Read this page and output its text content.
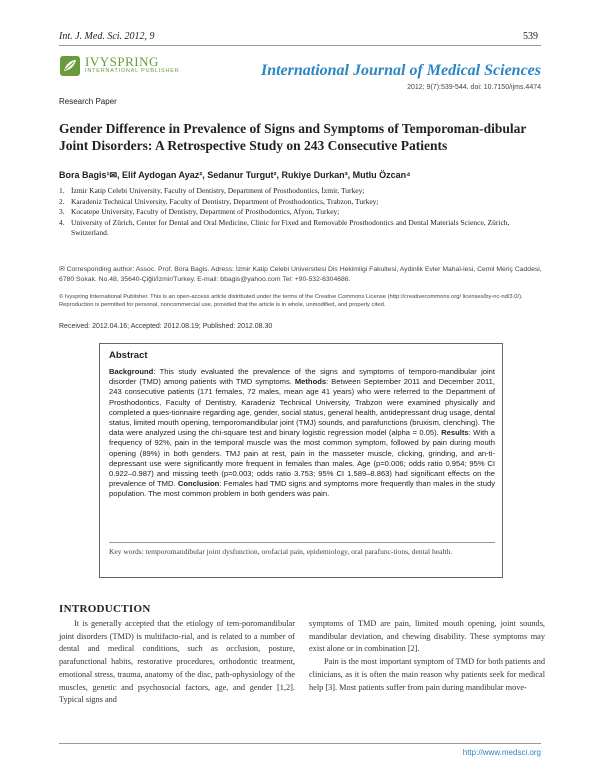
Int. J. Med. Sci. 2012, 9	539
IVYSPRING
INTERNATIONAL PUBLISHER	International Journal of Medical Sciences
2012; 9(7):539-544. doi: 10.7150/ijms.4474
Research Paper
Gender Difference in Prevalence of Signs and Symptoms of Temporoman-dibular Joint Disorders: A Retrospective Study on 243 Consecutive Patients
Bora Bagis¹✉, Elif Aydogan Ayaz², Sedanur Turgut², Rukiye Durkan³, Mutlu Özcan⁴
1. İzmir Katip Celebi University, Faculty of Dentistry, Department of Prosthodontics, İzmir, Turkey;
2. Karadeniz Technical University, Faculty of Dentistry, Department of Prosthodontics, Trabzon, Turkey;
3. Kocatepe University, Faculty of Dentistry, Department of Prosthodontics, Afyon, Turkey;
4. University of Zürich, Center for Dental and Oral Medicine, Clinic for Fixed and Removable Prosthodontics and Dental Materials Science, Zürich, Switzerland.
✉ Corresponding author: Assoc. Prof. Bora Bagis. Adress: İzmir Katip Celebi Universitesi Dis Hekimligi Fakultesi, Aydinlik Evler Mahal-lesi, Cemil Meriç Caddesi, 6780 Sokak. No.48, 35640-Çiğli/İzmir/Turkey. E-mail: bbagis@yahoo.com Tel: +90-532-6304686.
© Ivyspring International Publisher. This is an open-access article distributed under the terms of the Creative Commons License (http://creativecommons.org/ licenses/by-nc-nd/3.0/). Reproduction is permitted for personal, noncommercial use, provided that the article is in whole, unmodified, and properly cited.
Received: 2012.04.16; Accepted: 2012.08.19; Published: 2012.08.30
Abstract
Background: This study evaluated the prevalence of the signs and symptoms of temporo-mandibular joint disorder (TMD) among patients with TMD symptoms. Methods: Between September 2011 and December 2011, 243 consecutive patients (171 females, 72 males, mean age 41 years) who were referred to the Department of Prosthodontics, Faculty of Dentistry, Karadeniz Technical University, Trabzon were examined physically and completed a ques-tionnaire regarding age, gender, social status, general health, antidepressant drug usage, dental status, limited mouth opening, temporomandibular joint (TMJ) sounds, and parafunctions (bruxism, clenching). The data were analyzed using the chi-square test and binary logistic regression model (alpha = 0.05). Results: With a frequency of 92%, pain in the temporal muscle was the most common symptom, followed by pain during mouth opening (89%) in both genders. TMJ pain at rest, pain in the masseter muscle, clicking, grinding, and an-ti-depressant use were significantly more frequent in females than males. Age (p=0.006; odds ratio 0.954; 95% CI 0.922–0.987) and missing teeth (p=0.003; odds ratio 3.753; 95% CI 1.589–8.863) had significant effects on the prevalence of TMD. Conclusion: Females had TMD signs and symptoms more frequently than males in the study population. The most common problem in both genders was pain.
Key words: temporomandibular joint dysfunction, orofacial pain, epidemiology, oral parafunc-tions, dental health.
INTRODUCTION

It is generally accepted that the etiology of tem-poromandibular joint disorders (TMD) is multifacto-rial, and is related to a number of dental and medical conditions, such as occlusion, posture, parafunctional habits, restorative procedures, orthodontic treatment, emotional stress, trauma, anatomy of the disc, path-ophysiology of the muscles, genetic and psychosocial factors, age, and gender [1,2]. Typical signs and

symptoms of TMD are pain, limited mouth opening, joint sounds, mandibular deviation, and chewing disability. These symptoms may exist alone or in combination [2].

Pain is the most important symptom of TMD for both patients and clinicians, as it is often the main reason why patients seek for medical help [3]. Most patients suffer from pain during mandibular move-

http://www.medsci.org
